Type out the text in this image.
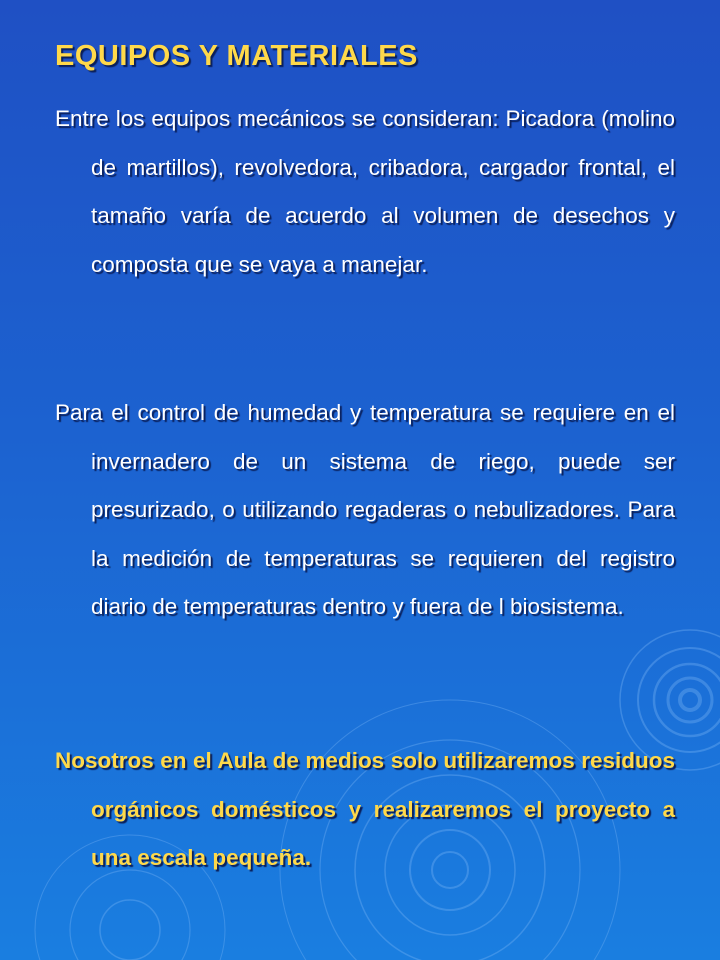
EQUIPOS Y MATERIALES
Entre los equipos mecánicos se consideran: Picadora (molino de martillos), revolvedora, cribadora, cargador frontal, el tamaño varía de acuerdo al volumen de desechos y composta que se vaya a manejar.
Para el control de humedad y temperatura se requiere en el invernadero de un sistema de riego, puede ser presurizado, o utilizando regaderas o nebulizadores. Para la medición de temperaturas se requieren del registro diario de temperaturas dentro y fuera de l biosistema.
Nosotros en el Aula de medios solo utilizaremos residuos orgánicos domésticos y realizaremos el proyecto a una escala pequeña.
